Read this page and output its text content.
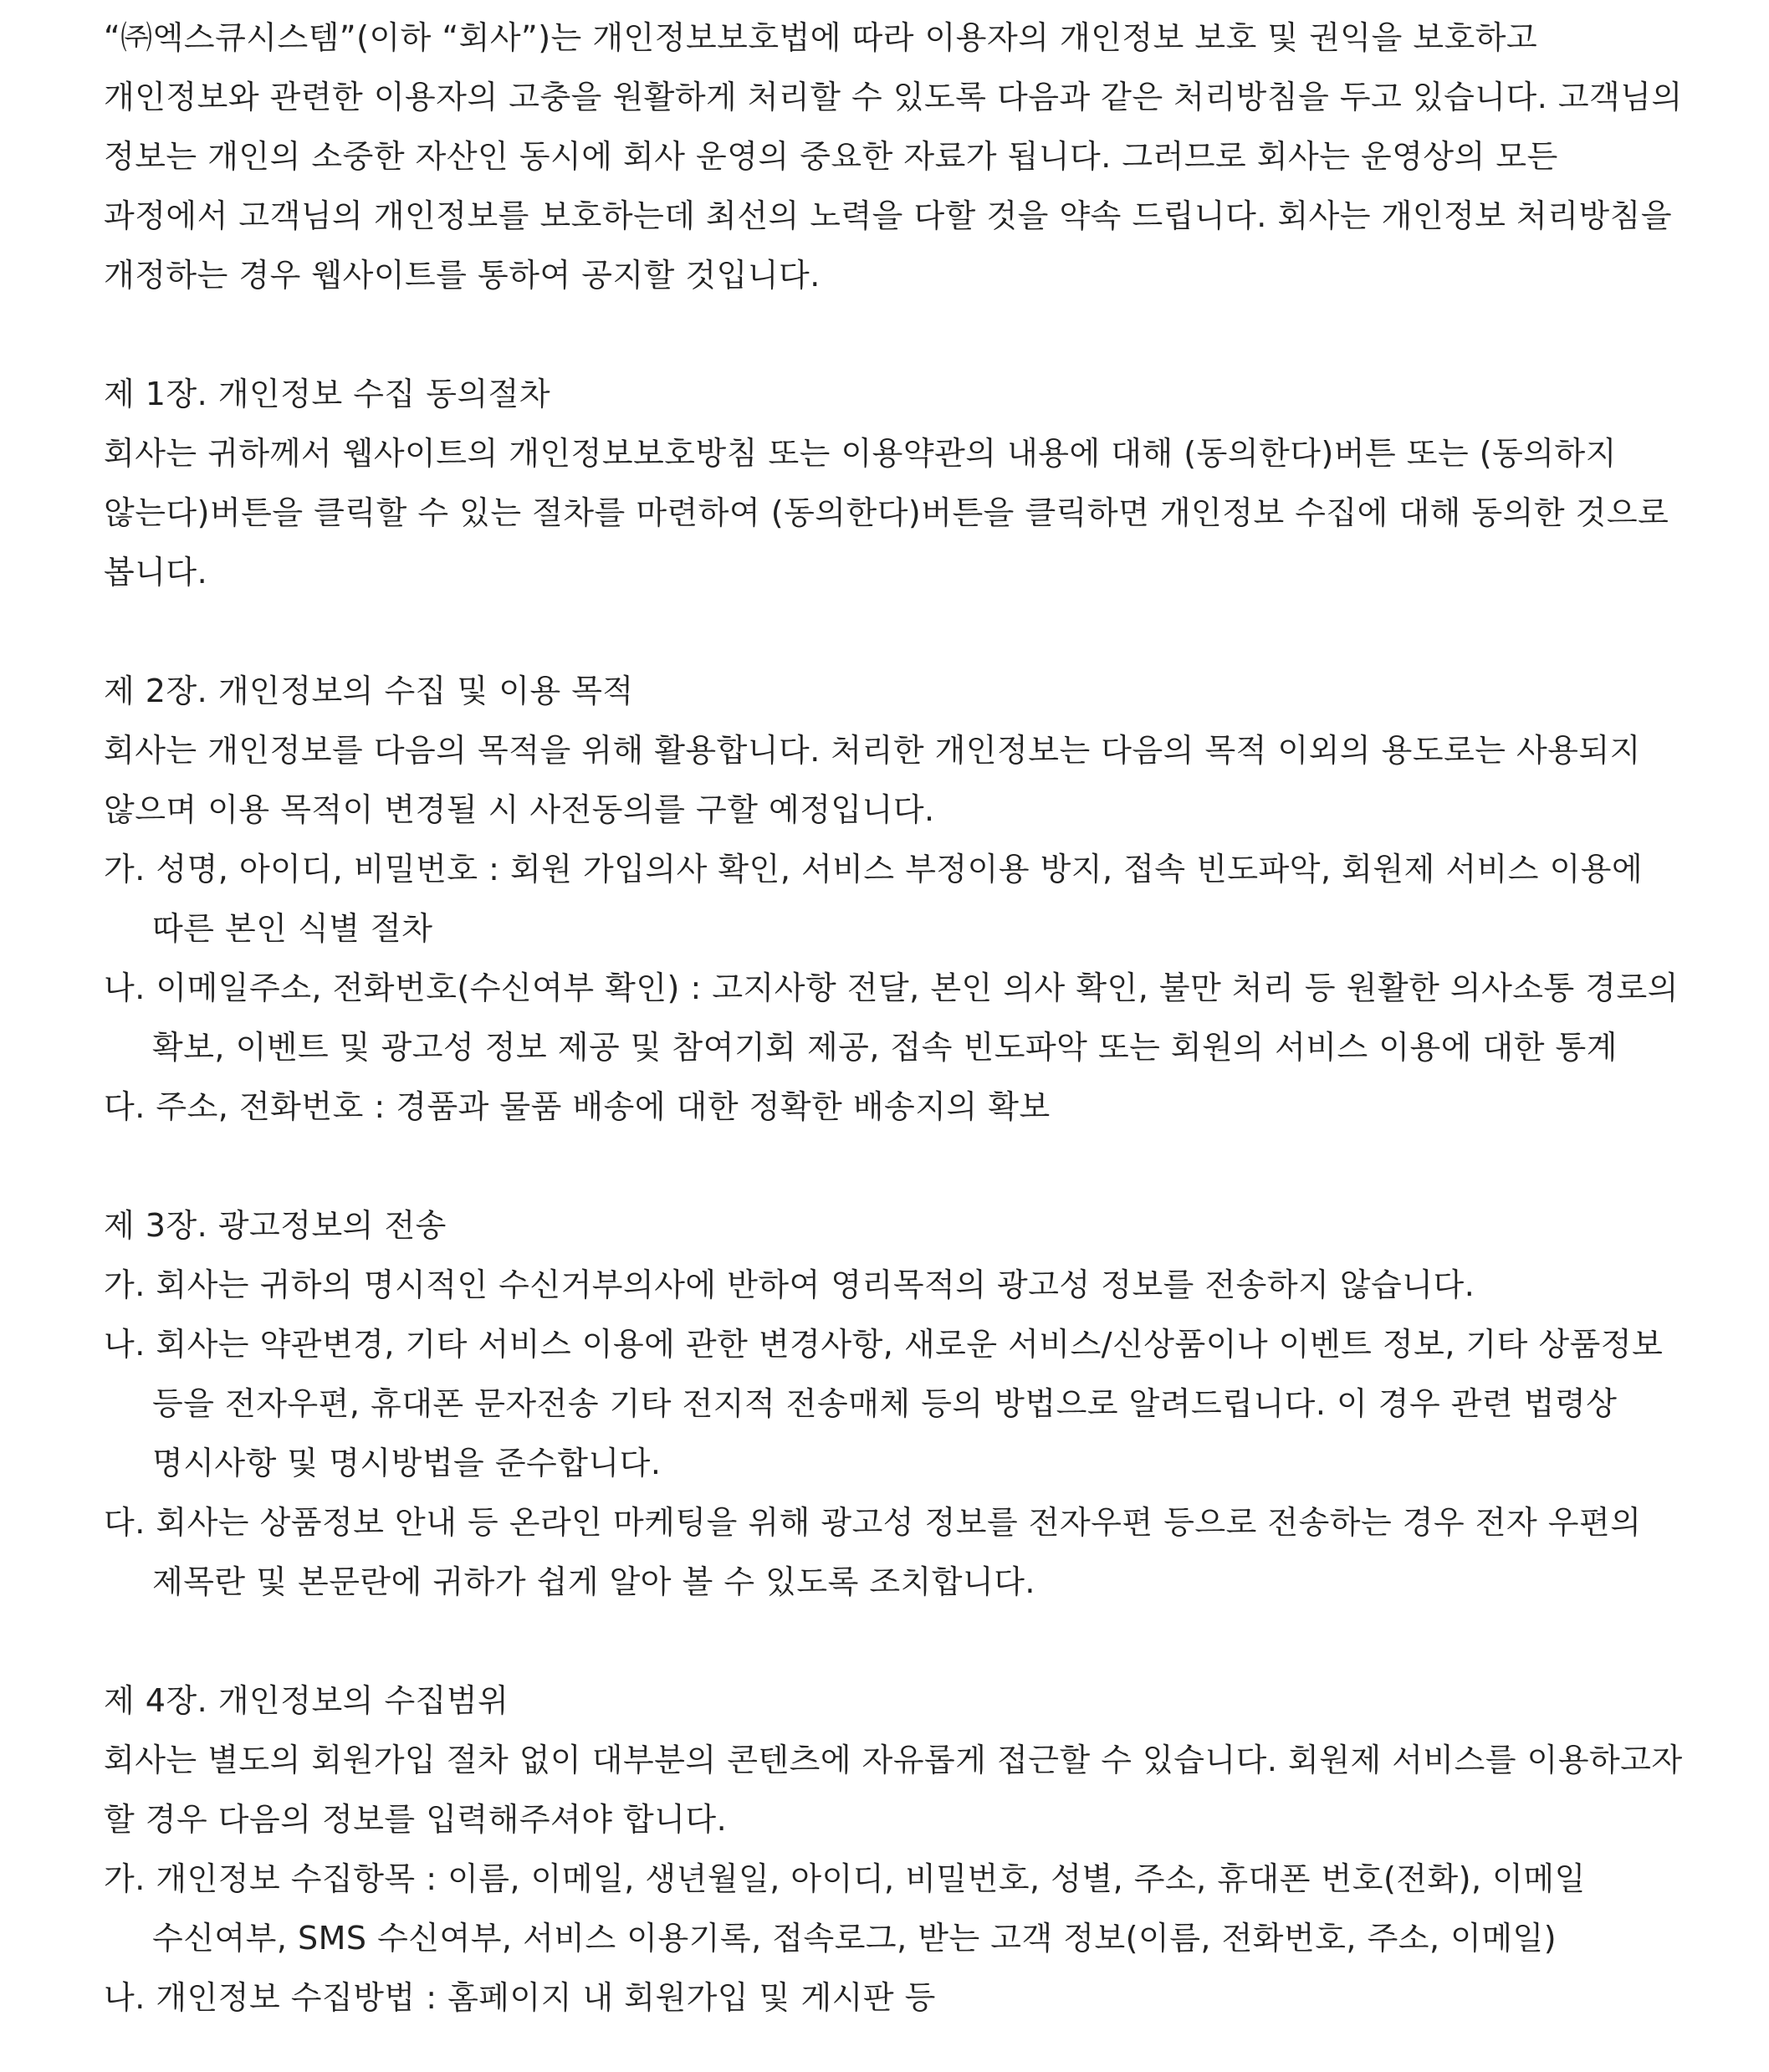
“㈜엑스큐시스템”(이하 “회사”)는 개인정보보호법에 따라 이용자의 개인정보 보호 및 권익을 보호하고 개인정보와 관련한 이용자의 고충을 원활하게 처리할 수 있도록 다음과 같은 처리방침을 두고 있습니다. 고객님의 정보는 개인의 소중한 자산인 동시에 회사 운영의 중요한 자료가 됩니다. 그러므로 회사는 운영상의 모든 과정에서 고객님의 개인정보를 보호하는데 최선의 노력을 다할 것을 약속 드립니다. 회사는 개인정보 처리방침을 개정하는 경우 웹사이트를 통하여 공지할 것입니다.

제 1장. 개인정보 수집 동의절차

회사는 귀하께서 웹사이트의 개인정보보호방침 또는 이용약관의 내용에 대해 (동의한다)버튼 또는 (동의하지 않는다)버튼을 클릭할 수 있는 절차를 마련하여 (동의한다)버튼을 클릭하면 개인정보 수집에 대해 동의한 것으로 봅니다.

제 2장. 개인정보의 수집 및 이용 목적

회사는 개인정보를 다음의 목적을 위해 활용합니다. 처리한 개인정보는 다음의 목적 이외의 용도로는 사용되지 않으며 이용 목적이 변경될 시 사전동의를 구할 예정입니다.

가. 성명, 아이디, 비밀번호 : 회원 가입의사 확인, 서비스 부정이용 방지, 접속 빈도파악, 회원제 서비스 이용에 따른 본인 식별 절차

나. 이메일주소, 전화번호(수신여부 확인) : 고지사항 전달, 본인 의사 확인, 불만 처리 등 원활한 의사소통 경로의 확보, 이벤트 및 광고성 정보 제공 및 참여기회 제공, 접속 빈도파악 또는 회원의 서비스 이용에 대한 통계

다. 주소, 전화번호 : 경품과 물품 배송에 대한 정확한 배송지의 확보

제 3장. 광고정보의 전송

가. 회사는 귀하의 명시적인 수신거부의사에 반하여 영리목적의 광고성 정보를 전송하지 않습니다.

나. 회사는 약관변경, 기타 서비스 이용에 관한 변경사항, 새로운 서비스/신상품이나 이벤트 정보, 기타 상품정보 등을 전자우편, 휴대폰 문자전송 기타 전지적 전송매체 등의 방법으로 알려드립니다. 이 경우 관련 법령상 명시사항 및 명시방법을 준수합니다.

다. 회사는 상품정보 안내 등 온라인 마케팅을 위해 광고성 정보를 전자우편 등으로 전송하는 경우 전자 우편의 제목란 및 본문란에 귀하가 쉽게 알아 볼 수 있도록 조치합니다.

제 4장. 개인정보의 수집범위

회사는 별도의 회원가입 절차 없이 대부분의 콘텐츠에 자유롭게 접근할 수 있습니다. 회원제 서비스를 이용하고자 할 경우 다음의 정보를 입력해주셔야 합니다.

가. 개인정보 수집항목 : 이름, 이메일, 생년월일, 아이디, 비밀번호, 성별, 주소, 휴대폰 번호(전화), 이메일 수신여부, SMS 수신여부, 서비스 이용기록, 접속로그, 받는 고객 정보(이름, 전화번호, 주소, 이메일)

나. 개인정보 수집방법 : 홈페이지 내 회원가입 및 게시판 등
